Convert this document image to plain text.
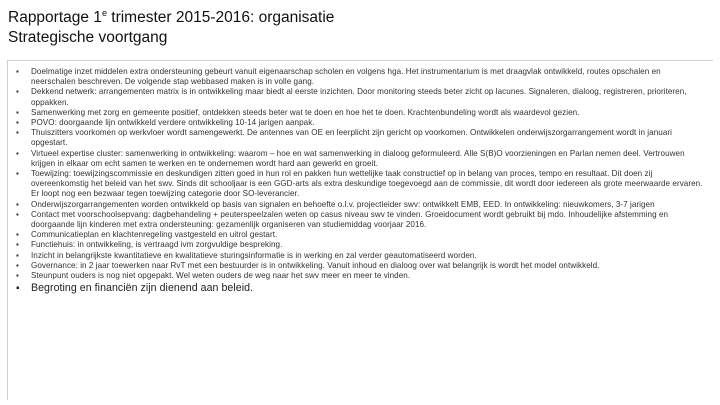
Rapportage 1e trimester 2015-2016: organisatie
Strategische voortgang
▪ Doelmatige inzet middelen extra ondersteuning gebeurt vanuit eigenaarschap scholen en volgens hga. Het instrumentarium is met draagvlak ontwikkeld, routes opschalen en neerschalen beschreven. De volgende stap webbased maken is in volle gang.
▪ Dekkend netwerk: arrangementen matrix is in ontwikkeling maar biedt al eerste inzichten. Door monitoring steeds beter zicht op lacunes. Signaleren, dialoog, registreren, prioriteren, oppakken.
▪ Samenwerking met zorg en gemeente positief, ontdekken steeds beter wat te doen en hoe het te doen. Krachtenbundeling wordt als waardevol gezien.
▪ POVO: doorgaande lijn ontwikkeld verdere ontwikkeling 10-14 jarigen aanpak.
▪ Thuiszitters voorkomen op werkvloer wordt samengewerkt. De antennes van OE en leerplicht zijn gericht op voorkomen. Ontwikkelen onderwijszorgarrangement wordt in januari opgestart.
▪ Virtueel expertise cluster: samenwerking in ontwikkeling: waarom – hoe en wat samenwerking in dialoog geformuleerd. Alle S(B)O voorzieningen en Parlan nemen deel. Vertrouwen krijgen in elkaar om echt samen te werken en te ondernemen wordt hard aan gewerkt en groeit.
▪ Toewijzing: toewijzingscommissie en deskundigen zitten goed in hun rol en pakken hun wettelijke taak constructief op in belang van proces, tempo en resultaat. Dit doen zij overeenkomstig het beleid van het swv. Sinds dit schooljaar is een GGD-arts als extra deskundige toegevoegd aan de commissie, dit wordt door iedereen als grote meerwaarde ervaren. Er loopt nog een bezwaar tegen toewijzing categorie door SO-leverancier.
▪ Onderwijszorgarrangementen worden ontwikkeld op basis van signalen en behoefte o.l.v. projectleider swv: ontwikkelt EMB, EED. In ontwikkeling: nieuwkomers, 3-7 jarigen
▪ Contact met voorschoolsepvang: dagbehandeling + peuterspeelzalen weten op casus niveau swv te vinden. Groeidocument wordt gebruikt bij mdo. Inhoudelijke afstemming en doorgaande lijn kinderen met extra ondersteuning: gezamenlijk organiseren van studiemiddag voorjaar 2016.
▪ Communicatieplan en klachtenregeling vastgesteld en uitrol gestart.
▪ Functiehuis: in ontwikkeling, is vertraagd ivm zorgvuldige bespreking.
▪ Inzicht in belangrijkste kwantitatieve en kwalitatieve sturingsinformatie is in werking en zal verder geautomatiseerd worden.
▪ Governance: in 2 jaar toewerken naar RvT met een bestuurder is in ontwikkeling. Vanuit inhoud en dialoog over wat belangrijk is wordt het model ontwikkeld.
▪ Steunpunt ouders is nog niet opgepakt. Wel weten ouders de weg naar het swv meer en meer te vinden.
▪ Begroting en financiën zijn dienend aan beleid.
